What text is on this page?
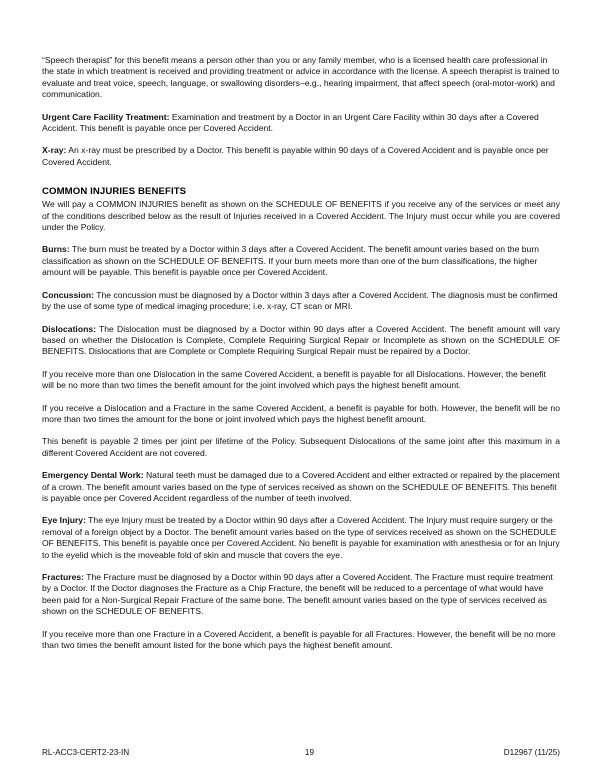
“Speech therapist” for this benefit means a person other than you or any family member, who is a licensed health care professional in the state in which treatment is received and providing treatment or advice in accordance with the license. A speech therapist is trained to evaluate and treat voice, speech, language, or swallowing disorders–e.g., hearing impairment, that affect speech (oral-motor-work) and communication.

Urgent Care Facility Treatment: Examination and treatment by a Doctor in an Urgent Care Facility within 30 days after a Covered Accident. This benefit is payable once per Covered Accident.

X-ray: An x-ray must be prescribed by a Doctor. This benefit is payable within 90 days of a Covered Accident and is payable once per Covered Accident.

COMMON INJURIES BENEFITS

We will pay a COMMON INJURIES benefit as shown on the SCHEDULE OF BENEFITS if you receive any of the services or meet any of the conditions described below as the result of Injuries received in a Covered Accident. The Injury must occur while you are covered under the Policy.

Burns: The burn must be treated by a Doctor within 3 days after a Covered Accident. The benefit amount varies based on the burn classification as shown on the SCHEDULE OF BENEFITS. If your burn meets more than one of the burn classifications, the higher amount will be payable. This benefit is payable once per Covered Accident.

Concussion: The concussion must be diagnosed by a Doctor within 3 days after a Covered Accident. The diagnosis must be confirmed by the use of some type of medical imaging procedure; i.e. x-ray, CT scan or MRI.

Dislocations: The Dislocation must be diagnosed by a Doctor within 90 days after a Covered Accident. The benefit amount will vary based on whether the Dislocation is Complete, Complete Requiring Surgical Repair or Incomplete as shown on the SCHEDULE OF BENEFITS. Dislocations that are Complete or Complete Requiring Surgical Repair must be repaired by a Doctor.

If you receive more than one Dislocation in the same Covered Accident, a benefit is payable for all Dislocations. However, the benefit will be no more than two times the benefit amount for the joint involved which pays the highest benefit amount.

If you receive a Dislocation and a Fracture in the same Covered Accident, a benefit is payable for both. However, the benefit will be no more than two times the amount for the bone or joint involved which pays the highest benefit amount.

This benefit is payable 2 times per joint per lifetime of the Policy. Subsequent Dislocations of the same joint after this maximum in a different Covered Accident are not covered.

Emergency Dental Work: Natural teeth must be damaged due to a Covered Accident and either extracted or repaired by the placement of a crown. The benefit amount varies based on the type of services received as shown on the SCHEDULE OF BENEFITS. This benefit is payable once per Covered Accident regardless of the number of teeth involved.

Eye Injury: The eye Injury must be treated by a Doctor within 90 days after a Covered Accident. The Injury must require surgery or the removal of a foreign object by a Doctor. The benefit amount varies based on the type of services received as shown on the SCHEDULE OF BENEFITS. This benefit is payable once per Covered Accident. No benefit is payable for examination with anesthesia or for an Injury to the eyelid which is the moveable fold of skin and muscle that covers the eye.

Fractures: The Fracture must be diagnosed by a Doctor within 90 days after a Covered Accident. The Fracture must require treatment by a Doctor. If the Doctor diagnoses the Fracture as a Chip Fracture, the benefit will be reduced to a percentage of what would have been paid for a Non-Surgical Repair Fracture of the same bone. The benefit amount varies based on the type of services received as shown on the SCHEDULE OF BENEFITS.

If you receive more than one Fracture in a Covered Accident, a benefit is payable for all Fractures. However, the benefit will be no more than two times the benefit amount listed for the bone which pays the highest benefit amount.

RL-ACC3-CERT2-23-IN	19	D12967 (11/25)
